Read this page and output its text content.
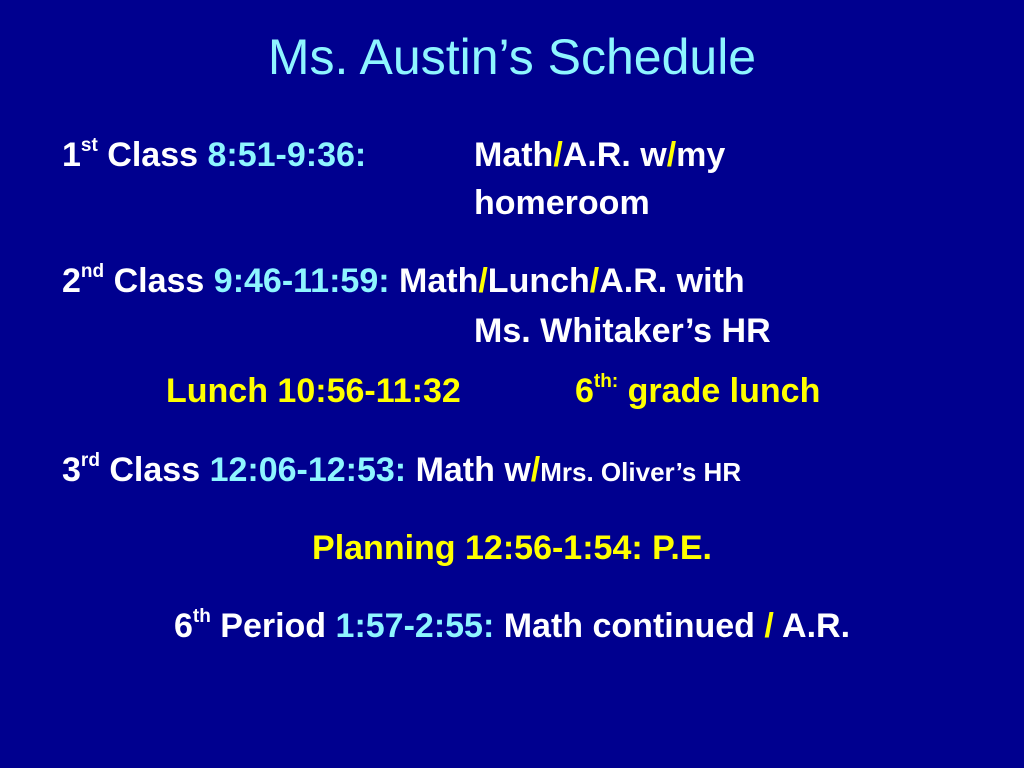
Ms. Austin’s Schedule
1st Class 8:51-9:36:	Math/A.R. w/my
homeroom
2nd Class 9:46-11:59: Math/Lunch/A.R. with
Ms. Whitaker’s HR
Lunch 10:56-11:32	$6^{th:}$ grade lunch
3rd Class 12:06-12:53: Math w/Mrs. Oliver’s HR
Planning 12:56-1:54: P.E.
6th Period 1:57-2:55: Math continued / A.R.
